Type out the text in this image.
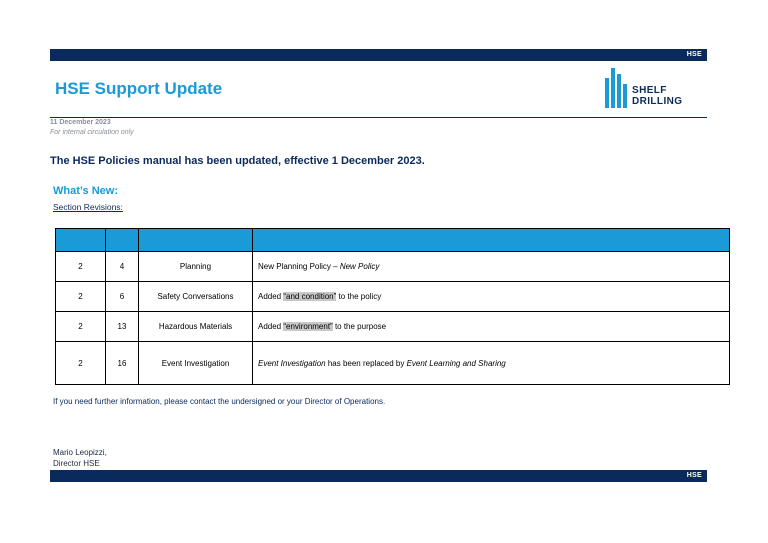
HSE
HSE Support Update	SHELF
DRILLING
11 December 2023
For internal circulation only
The HSE Policies manual has been updated, effective 1 December 2023.
What’s New:
Section Revisions:

2	4	Planning	New Planning Policy – New Policy
2	6	Safety Conversations	Added “and condition” to the policy
2	13	Hazardous Materials	Added “environment” to the purpose
2	16	Event Investigation	Event Investigation has been replaced by Event Learning and Sharing
If you need further information, please contact the undersigned or your Director of Operations.
Mario Leopizzi,
Director HSE
HSE
